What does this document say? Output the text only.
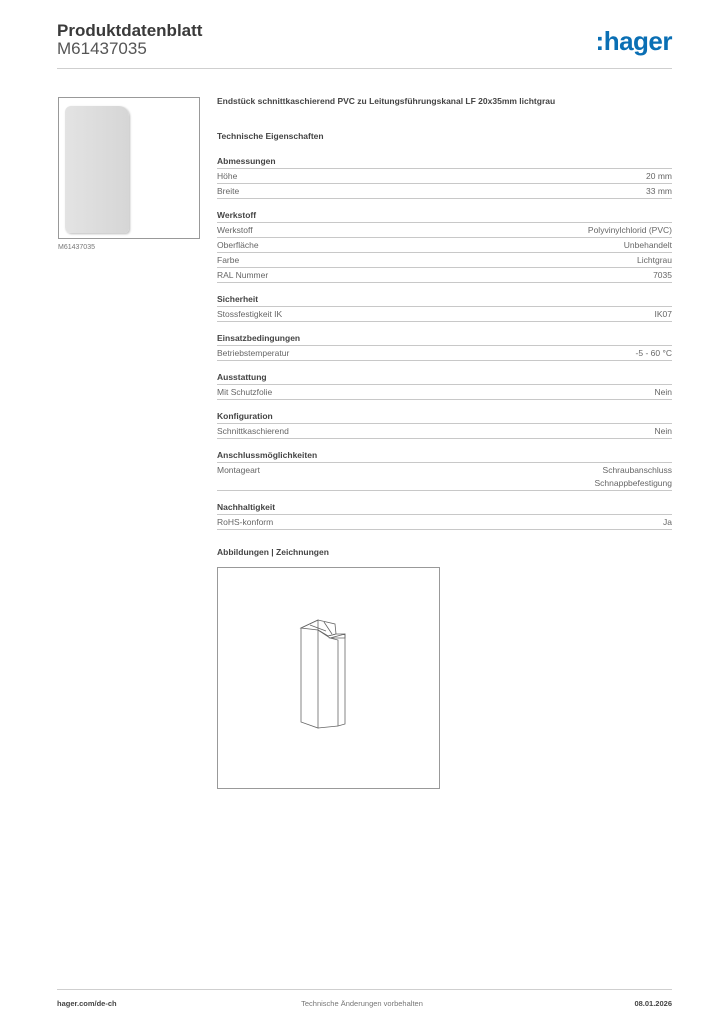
Produktdatenblatt
M61437035	:hager
M61437035
Endstück schnittkaschierend PVC zu Leitungsführungskanal LF 20x35mm lichtgrau
Technische Eigenschaften
Abmessungen
Höhe	20 mm
Breite	33 mm
Werkstoff
Werkstoff	Polyvinylchlorid (PVC)
Oberfläche	Unbehandelt
Farbe	Lichtgrau
RAL Nummer	7035
Sicherheit
Stossfestigkeit IK	IK07
Einsatzbedingungen
Betriebstemperatur	-5 - 60 °C
Ausstattung
Mit Schutzfolie	Nein
Konfiguration
Schnittkaschierend	Nein
Anschlussmöglichkeiten
Montageart	Schraubanschluss
Schnappbefestigung
Nachhaltigkeit
RoHS-konform	Ja
Abbildungen | Zeichnungen
hager.com/de-ch	Technische Änderungen vorbehalten	08.01.2026
